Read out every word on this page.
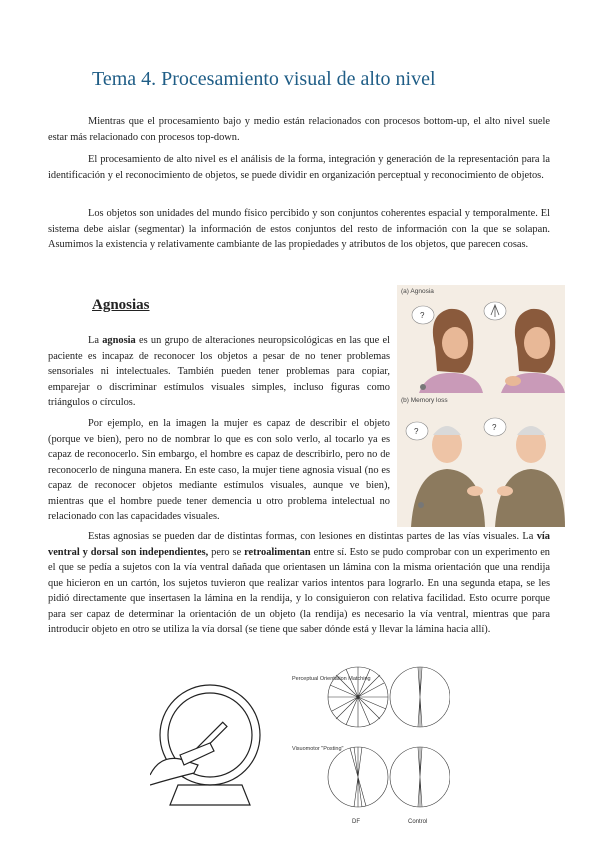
Tema 4. Procesamiento visual de alto nivel

Mientras que el procesamiento bajo y medio están relacionados con procesos bottom-up, el alto nivel suele estar más relacionado con procesos top-down.

El procesamiento de alto nivel es el análisis de la forma, integración y generación de la representación para la identificación y el reconocimiento de objetos, se puede dividir en organización perceptual y reconocimiento de objetos.

Los objetos son unidades del mundo físico percibido y son conjuntos coherentes espacial y temporalmente. El sistema debe aislar (segmentar) la información de estos conjuntos del resto de información con la que se solapan. Asumimos la existencia y relativamente cambiante de las propiedades y atributos de los objetos, que parecen cosas.

Agnosias

La agnosia es un grupo de alteraciones neuropsicológicas en las que el paciente es incapaz de reconocer los objetos a pesar de no tener problemas sensoriales ni intelectuales. También pueden tener problemas para copiar, emparejar o discriminar estímulos visuales simples, incluso figuras como triángulos o círculos.

Por ejemplo, en la imagen la mujer es capaz de describir el objeto (porque ve bien), pero no de nombrar lo que es con solo verlo, al tocarlo ya es capaz de reconocerlo. Sin embargo, el hombre es capaz de describirlo, pero no de reconocerlo de ninguna manera. En este caso, la mujer tiene agnosia visual (no es capaz de reconocer objetos mediante estímulos visuales, aunque ve bien), mientras que el hombre puede tener demencia u otro problema intelectual no relacionado con las capacidades visuales.

Estas agnosias se pueden dar de distintas formas, con lesiones en distintas partes de las vías visuales. La vía ventral y dorsal son independientes, pero se retroalimentan entre sí. Esto se pudo comprobar con un experimento en el que se pedía a sujetos con la vía ventral dañada que orientasen un lámina con la misma orientación que una rendija que hicieron en un cartón, los sujetos tuvieron que realizar varios intentos para lograrlo. En una segunda etapa, se les pidió directamente que insertasen la lámina en la rendija, y lo consiguieron con relativa facilidad. Esto ocurre porque para ser capaz de determinar la orientación de un objeto (la rendija) es necesario la vía ventral, mientras que para introducir objeto en otro se utiliza la vía dorsal (se tiene que saber dónde está y llevar la lámina hacia allí).

(a) Agnosia
(b) Memory loss
?
?	?
Perceptual Orientation Matching
Visuomotor "Posting"
DF	Control
